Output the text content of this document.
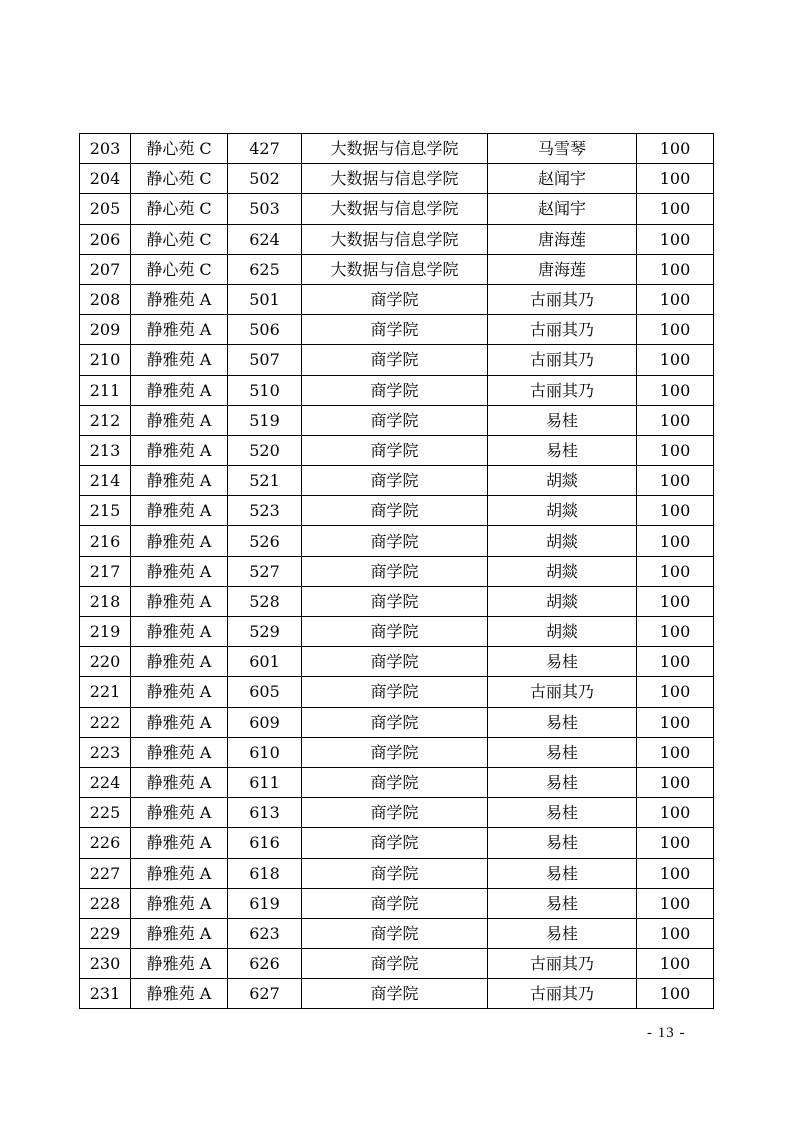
203	静心苑 C	427	大数据与信息学院	马雪琴	100
204	静心苑 C	502	大数据与信息学院	赵闻宇	100
205	静心苑 C	503	大数据与信息学院	赵闻宇	100
206	静心苑 C	624	大数据与信息学院	唐海莲	100
207	静心苑 C	625	大数据与信息学院	唐海莲	100
208	静雅苑 A	501	商学院	古丽其乃	100
209	静雅苑 A	506	商学院	古丽其乃	100
210	静雅苑 A	507	商学院	古丽其乃	100
211	静雅苑 A	510	商学院	古丽其乃	100
212	静雅苑 A	519	商学院	易桂	100
213	静雅苑 A	520	商学院	易桂	100
214	静雅苑 A	521	商学院	胡燚	100
215	静雅苑 A	523	商学院	胡燚	100
216	静雅苑 A	526	商学院	胡燚	100
217	静雅苑 A	527	商学院	胡燚	100
218	静雅苑 A	528	商学院	胡燚	100
219	静雅苑 A	529	商学院	胡燚	100
220	静雅苑 A	601	商学院	易桂	100
221	静雅苑 A	605	商学院	古丽其乃	100
222	静雅苑 A	609	商学院	易桂	100
223	静雅苑 A	610	商学院	易桂	100
224	静雅苑 A	611	商学院	易桂	100
225	静雅苑 A	613	商学院	易桂	100
226	静雅苑 A	616	商学院	易桂	100
227	静雅苑 A	618	商学院	易桂	100
228	静雅苑 A	619	商学院	易桂	100
229	静雅苑 A	623	商学院	易桂	100
230	静雅苑 A	626	商学院	古丽其乃	100
231	静雅苑 A	627	商学院	古丽其乃	100
- 13 -
